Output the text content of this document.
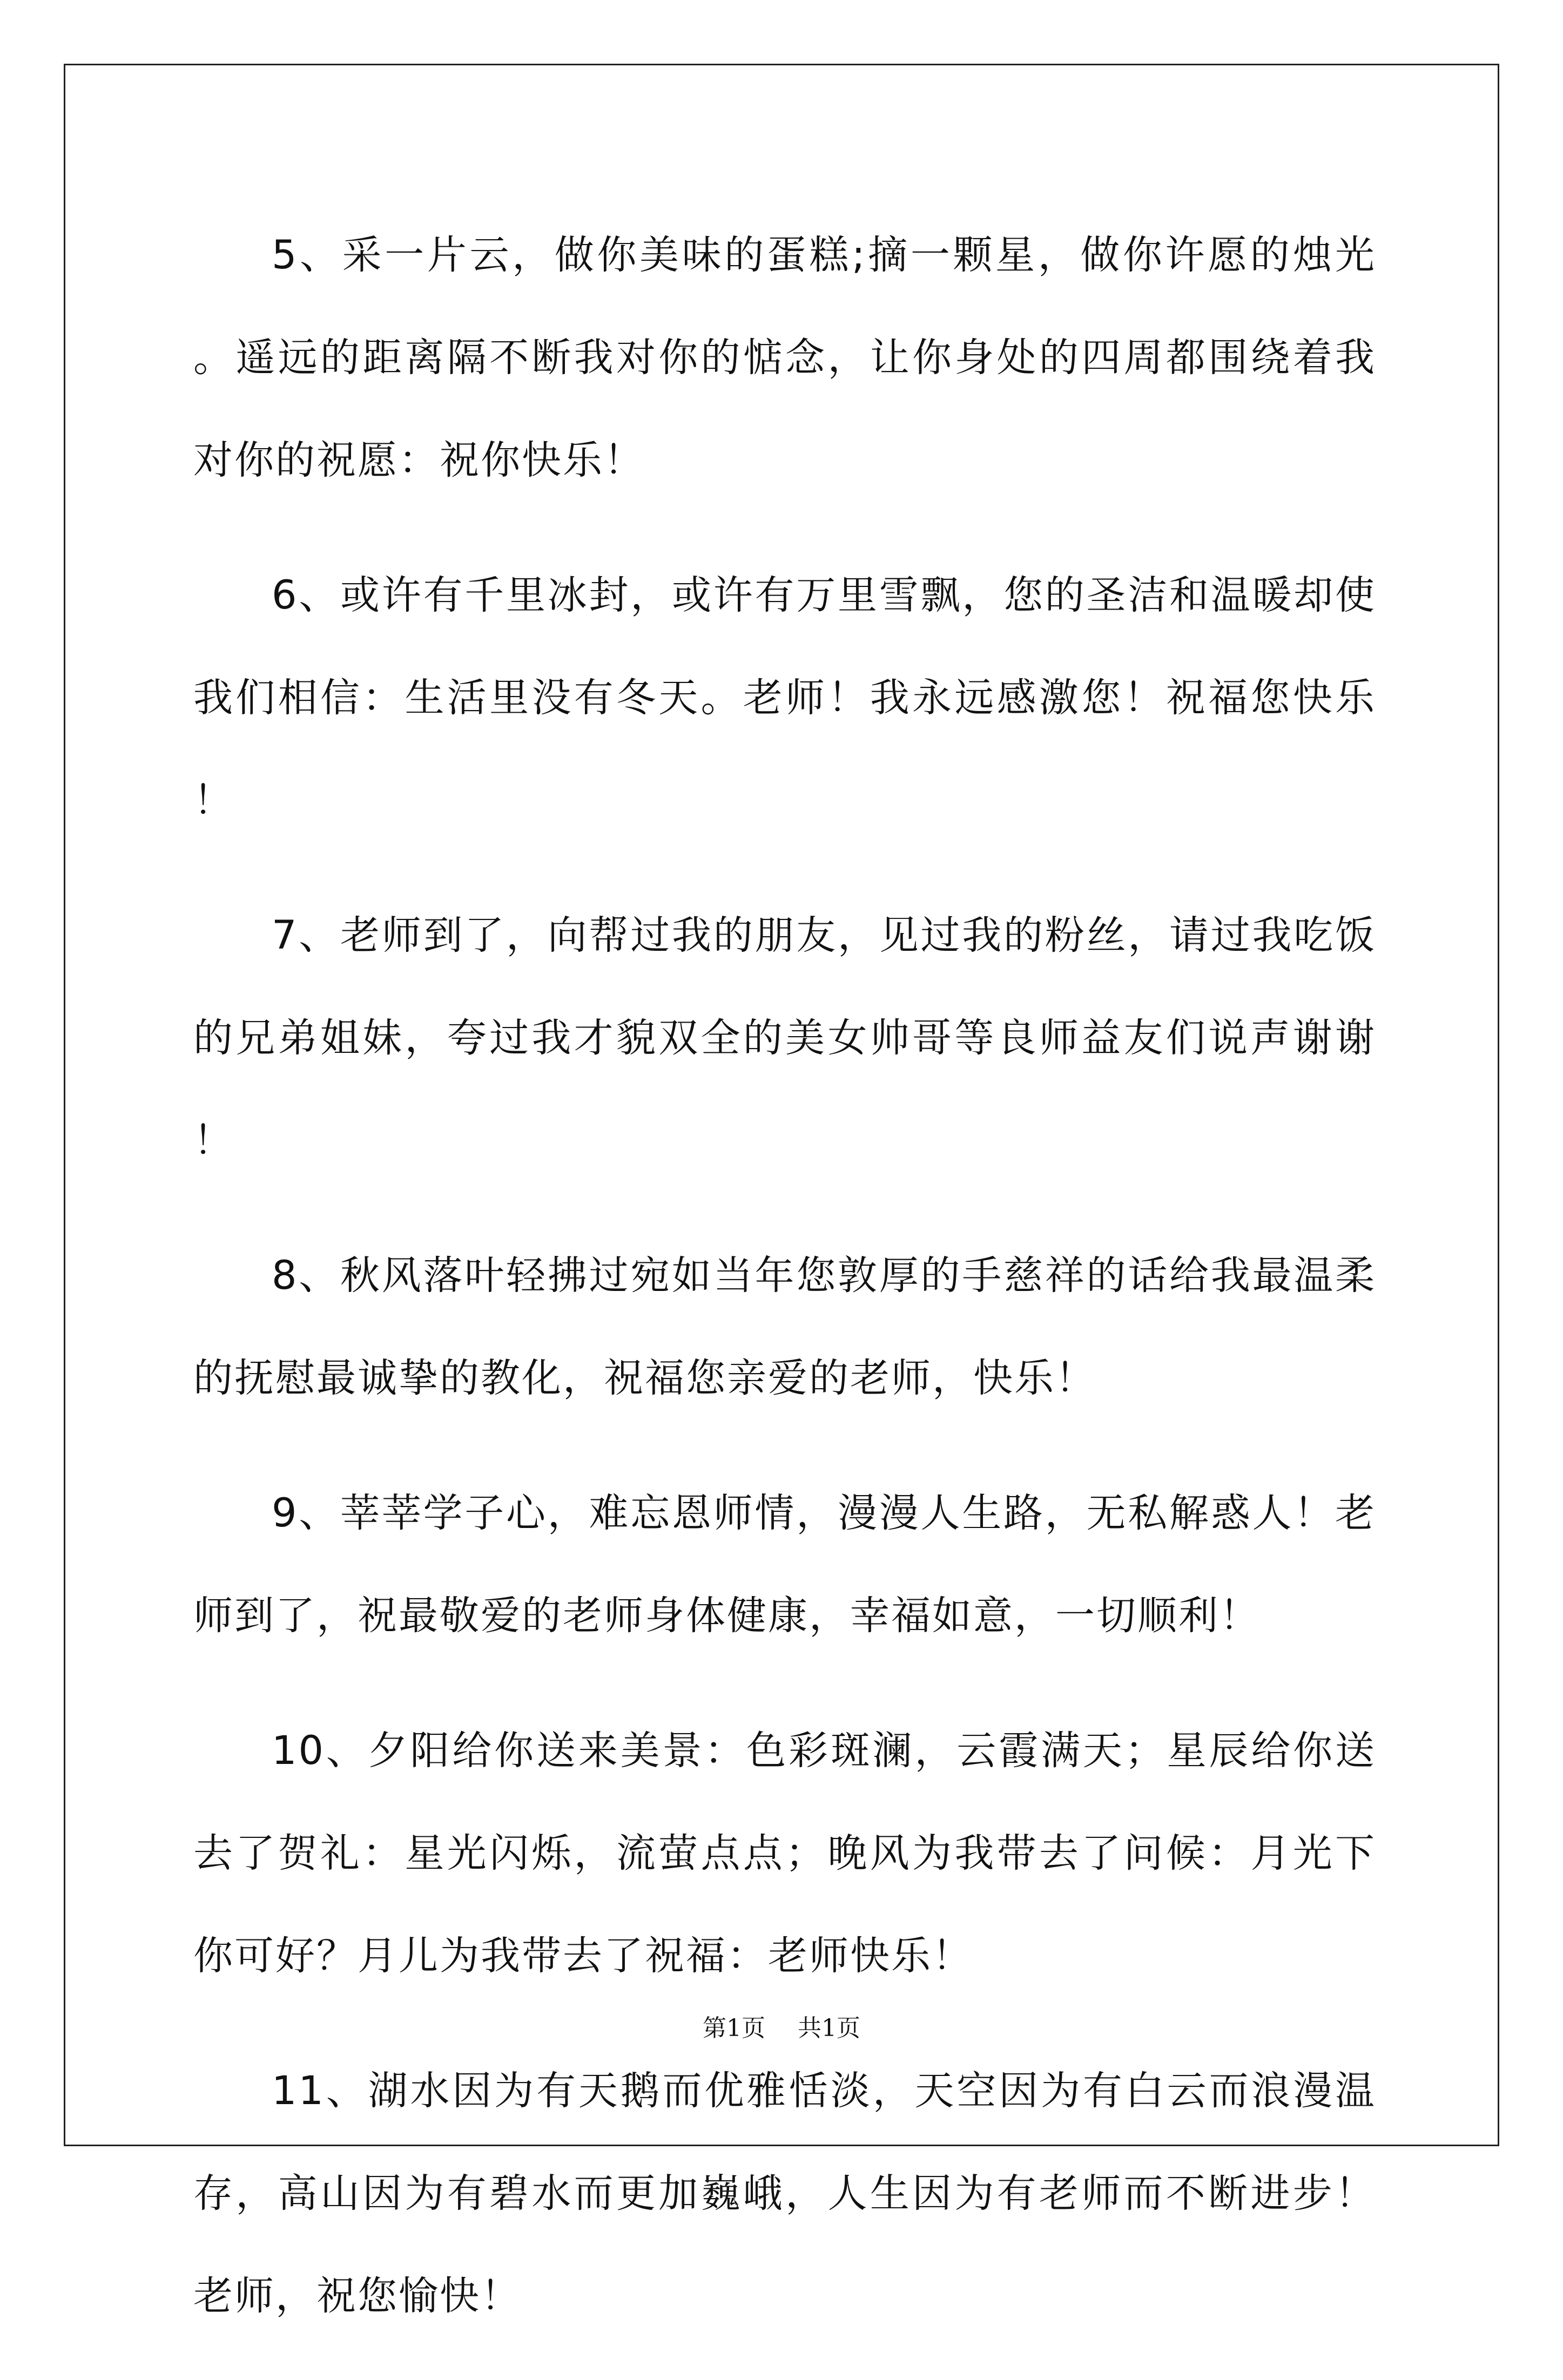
5、采一片云，做你美味的蛋糕;摘一颗星，做你许愿的烛光。遥远的距离隔不断我对你的惦念，让你身处的四周都围绕着我对你的祝愿：祝你快乐！

6、或许有千里冰封，或许有万里雪飘，您的圣洁和温暖却使我们相信：生活里没有冬天。老师！我永远感激您！祝福您快乐！

7、老师到了，向帮过我的朋友，见过我的粉丝，请过我吃饭的兄弟姐妹，夸过我才貌双全的美女帅哥等良师益友们说声谢谢！

8、秋风落叶轻拂过宛如当年您敦厚的手慈祥的话给我最温柔的抚慰最诚挚的教化，祝福您亲爱的老师，快乐！

9、莘莘学子心，难忘恩师情，漫漫人生路，无私解惑人！老师到了，祝最敬爱的老师身体健康，幸福如意，一切顺利！

10、夕阳给你送来美景：色彩斑澜，云霞满天；星辰给你送去了贺礼：星光闪烁，流萤点点；晚风为我带去了问候：月光下你可好？月儿为我带去了祝福：老师快乐！

11、湖水因为有天鹅而优雅恬淡，天空因为有白云而浪漫温存，高山因为有碧水而更加巍峨，人生因为有老师而不断进步！老师，祝您愉快！

第1页 共1页
